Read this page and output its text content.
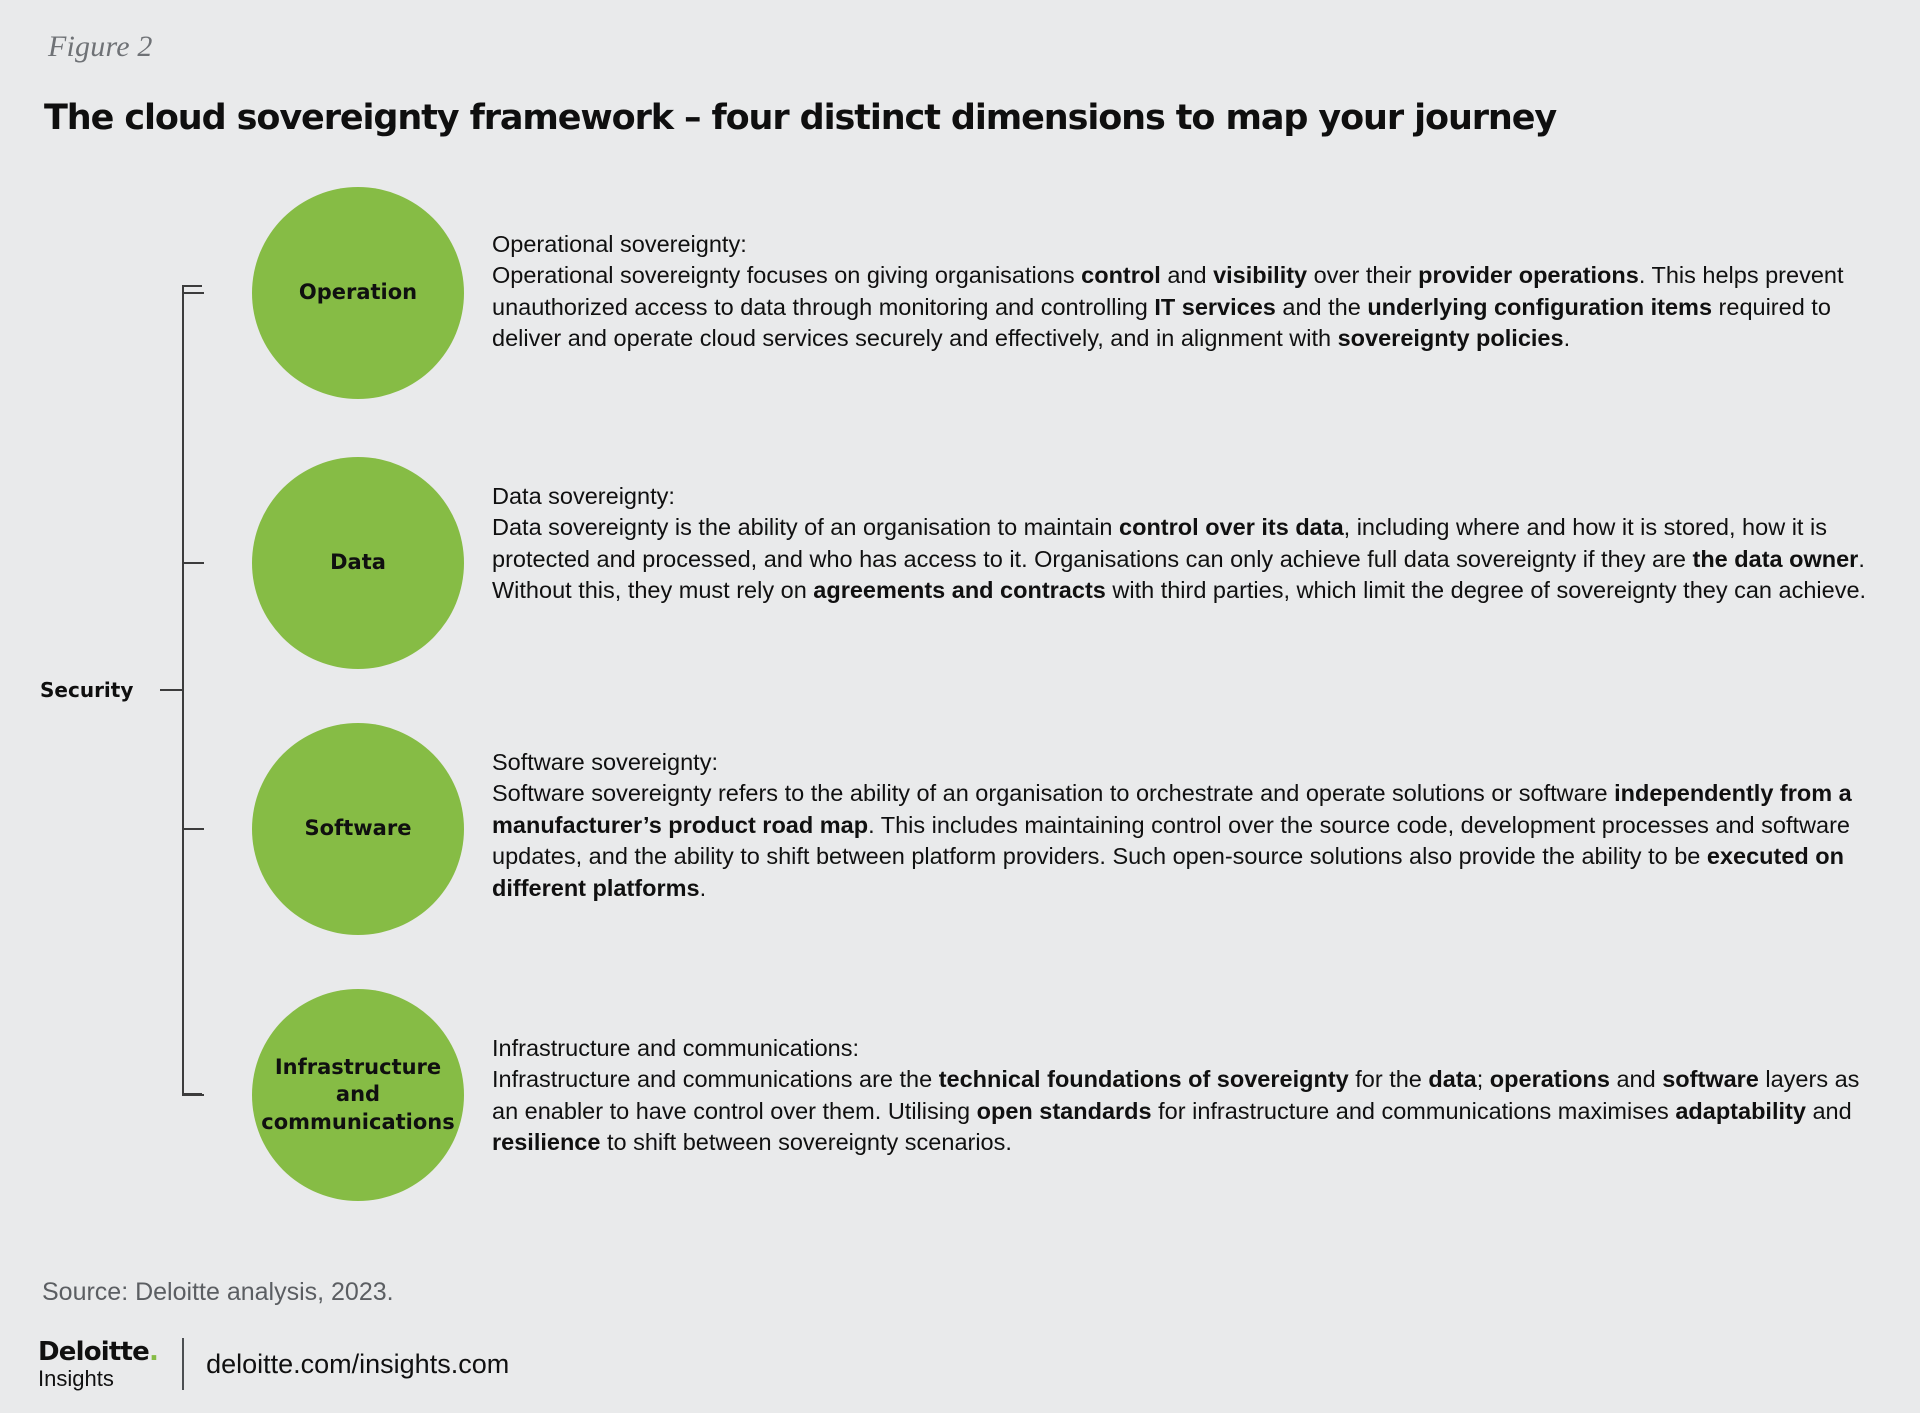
Figure 2
The cloud sovereignty framework – four distinct dimensions to map your journey
Security
Operation
Operational sovereignty:
Operational sovereignty focuses on giving organisations control and visibility over their provider operations. This helps prevent unauthorized access to data through monitoring and controlling IT services and the underlying configuration items required to deliver and operate cloud services securely and effectively, and in alignment with sovereignty policies.
Data
Data sovereignty:
Data sovereignty is the ability of an organisation to maintain control over its data, including where and how it is stored, how it is protected and processed, and who has access to it. Organisations can only achieve full data sovereignty if they are the data owner. Without this, they must rely on agreements and contracts with third parties, which limit the degree of sovereignty they can achieve.
Software
Software sovereignty:
Software sovereignty refers to the ability of an organisation to orchestrate and operate solutions or software independently from a manufacturer’s product road map. This includes maintaining control over the source code, development processes and software updates, and the ability to shift between platform providers. Such open-source solutions also provide the ability to be executed on different platforms.
Infrastructure and communications
Infrastructure and communications:
Infrastructure and communications are the technical foundations of sovereignty for the data; operations and software layers as an enabler to have control over them. Utilising open standards for infrastructure and communications maximises adaptability and resilience to shift between sovereignty scenarios.
Source: Deloitte analysis, 2023.
Deloitte.
Insights	deloitte.com/insights.com
